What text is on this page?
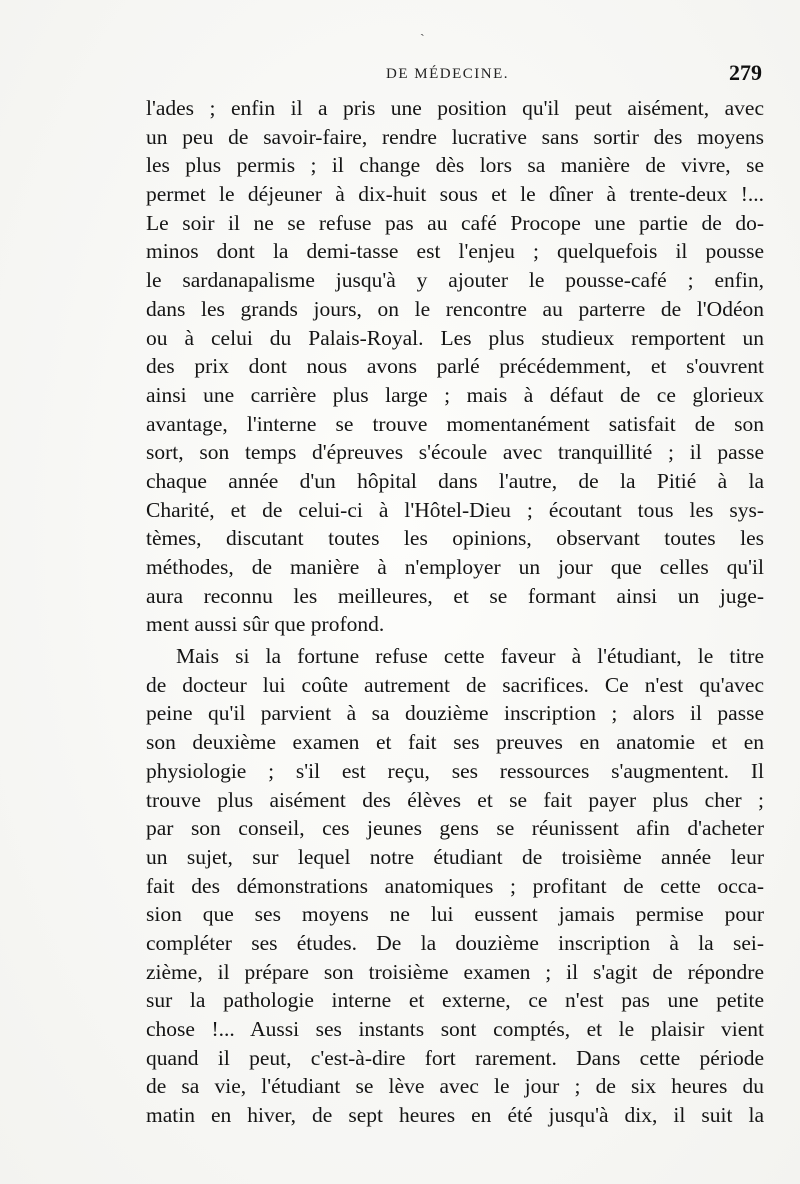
ˎ
DE MÉDECINE.	279
l'ades ; enfin il a pris une position qu'il peut aisément, avec
un peu de savoir-faire, rendre lucrative sans sortir des moyens
les plus permis ; il change dès lors sa manière de vivre, se
permet le déjeuner à dix-huit sous et le dîner à trente-deux !...
Le soir il ne se refuse pas au café Procope une partie de do-
minos dont la demi-tasse est l'enjeu ; quelquefois il pousse
le sardanapalisme jusqu'à y ajouter le pousse-café ; enfin,
dans les grands jours, on le rencontre au parterre de l'Odéon
ou à celui du Palais-Royal. Les plus studieux remportent un
des prix dont nous avons parlé précédemment, et s'ouvrent
ainsi une carrière plus large ; mais à défaut de ce glorieux
avantage, l'interne se trouve momentanément satisfait de son
sort, son temps d'épreuves s'écoule avec tranquillité ; il passe
chaque année d'un hôpital dans l'autre, de la Pitié à la
Charité, et de celui-ci à l'Hôtel-Dieu ; écoutant tous les sys-
tèmes, discutant toutes les opinions, observant toutes les
méthodes, de manière à n'employer un jour que celles qu'il
aura reconnu les meilleures, et se formant ainsi un juge-
ment aussi sûr que profond.
Mais si la fortune refuse cette faveur à l'étudiant, le titre
de docteur lui coûte autrement de sacrifices. Ce n'est qu'avec
peine qu'il parvient à sa douzième inscription ; alors il passe
son deuxième examen et fait ses preuves en anatomie et en
physiologie ; s'il est reçu, ses ressources s'augmentent. Il
trouve plus aisément des élèves et se fait payer plus cher ;
par son conseil, ces jeunes gens se réunissent afin d'acheter
un sujet, sur lequel notre étudiant de troisième année leur
fait des démonstrations anatomiques ; profitant de cette occa-
sion que ses moyens ne lui eussent jamais permise pour
compléter ses études. De la douzième inscription à la sei-
zième, il prépare son troisième examen ; il s'agit de répondre
sur la pathologie interne et externe, ce n'est pas une petite
chose !... Aussi ses instants sont comptés, et le plaisir vient
quand il peut, c'est-à-dire fort rarement. Dans cette période
de sa vie, l'étudiant se lève avec le jour ; de six heures du
matin en hiver, de sept heures en été jusqu'à dix, il suit la
